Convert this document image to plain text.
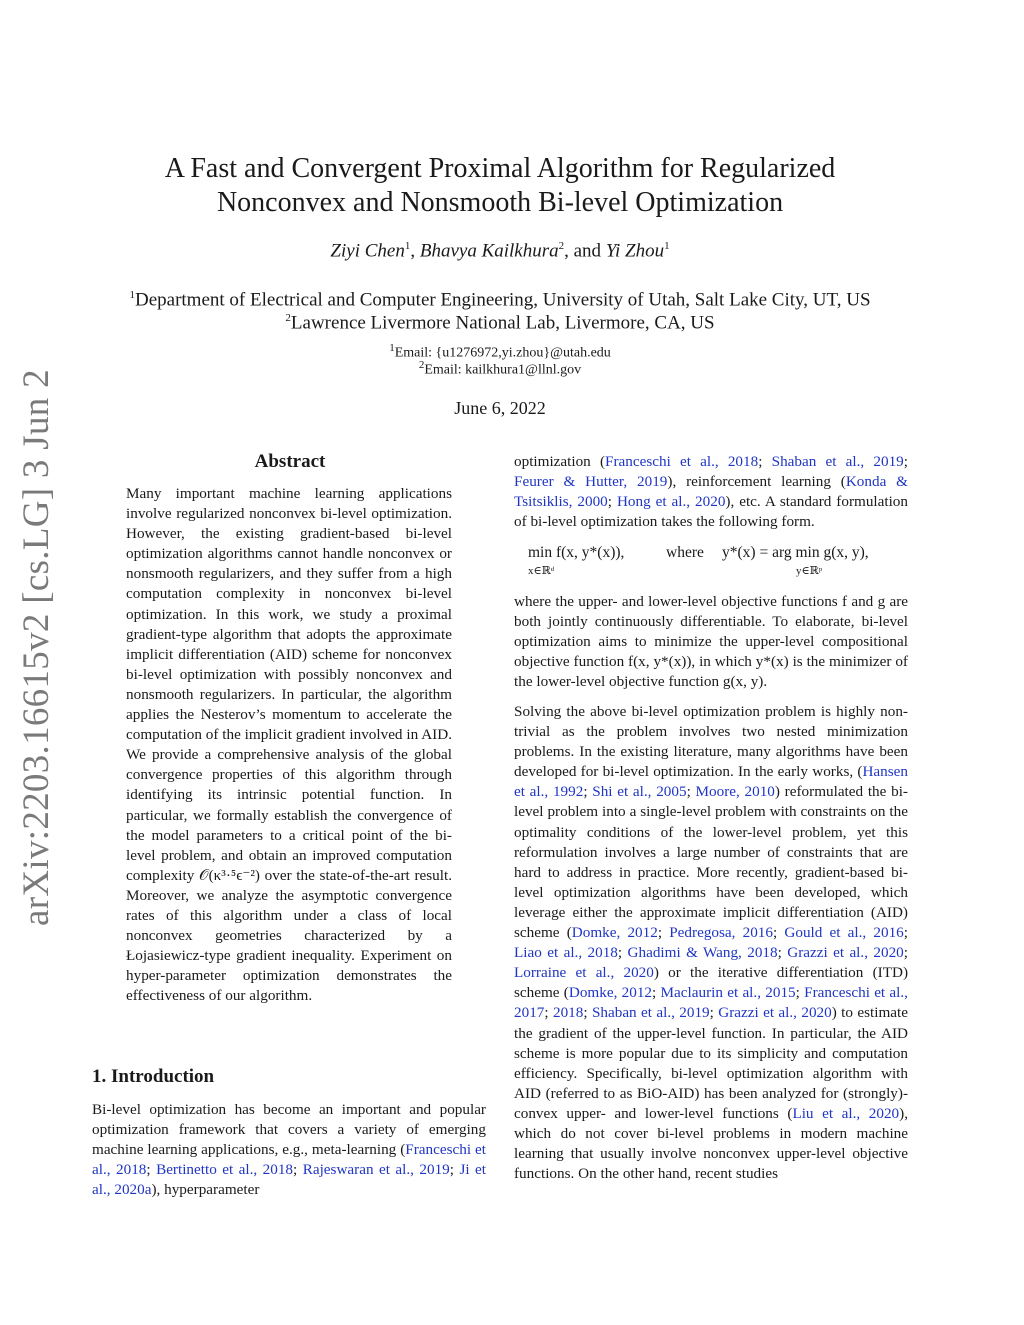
arXiv:2203.16615v2 [cs.LG] 3 Jun 2022
A Fast and Convergent Proximal Algorithm for Regularized
Nonconvex and Nonsmooth Bi-level Optimization
Ziyi Chen$^1$, Bhavya Kailkhura$^2$, and Yi Zhou$^1$
$^1$Department of Electrical and Computer Engineering, University of Utah, Salt Lake City, UT, US
$^2$Lawrence Livermore National Lab, Livermore, CA, US
$^1$Email: {u1276972,yi.zhou}@utah.edu
$^2$Email: kailkhura1@llnl.gov
June 6, 2022
Abstract
Many important machine learning applications involve regularized nonconvex bi-level optimization. However, the existing gradient-based bi-level optimization algorithms cannot handle nonconvex or nonsmooth regularizers, and they suffer from a high computation complexity in nonconvex bi-level optimization. In this work, we study a proximal gradient-type algorithm that adopts the approximate implicit differentiation (AID) scheme for nonconvex bi-level optimization with possibly nonconvex and nonsmooth regularizers. In particular, the algorithm applies the Nesterov’s momentum to accelerate the computation of the implicit gradient involved in AID. We provide a comprehensive analysis of the global convergence properties of this algorithm through identifying its intrinsic potential function. In particular, we formally establish the convergence of the model parameters to a critical point of the bi-level problem, and obtain an improved computation complexity 𝒪(κ³·⁵ϵ⁻²) over the state-of-the-art result. Moreover, we analyze the asymptotic convergence rates of this algorithm under a class of local nonconvex geometries characterized by a Łojasiewicz-type gradient inequality. Experiment on hyper-parameter optimization demonstrates the effectiveness of our algorithm.
1. Introduction
Bi-level optimization has become an important and popular optimization framework that covers a variety of emerging machine learning applications, e.g., meta-learning (Franceschi et al., 2018; Bertinetto et al., 2018; Rajeswaran et al., 2019; Ji et al., 2020a), hyperparameter
optimization (Franceschi et al., 2018; Shaban et al., 2019; Feurer & Hutter, 2019), reinforcement learning (Konda & Tsitsiklis, 2000; Hong et al., 2020), etc. A standard formulation of bi-level optimization takes the following form.
min f(x, y*(x)),
x∈ℝᵈ
where y*(x) = arg min g(x, y),
y∈ℝᵖ
where the upper- and lower-level objective functions f and g are both jointly continuously differentiable. To elaborate, bi-level optimization aims to minimize the upper-level compositional objective function f(x, y*(x)), in which y*(x) is the minimizer of the lower-level objective function g(x, y).
Solving the above bi-level optimization problem is highly non-trivial as the problem involves two nested minimization problems. In the existing literature, many algorithms have been developed for bi-level optimization. In the early works, (Hansen et al., 1992; Shi et al., 2005; Moore, 2010) reformulated the bi-level problem into a single-level problem with constraints on the optimality conditions of the lower-level problem, yet this reformulation involves a large number of constraints that are hard to address in practice. More recently, gradient-based bi-level optimization algorithms have been developed, which leverage either the approximate implicit differentiation (AID) scheme (Domke, 2012; Pedregosa, 2016; Gould et al., 2016; Liao et al., 2018; Ghadimi & Wang, 2018; Grazzi et al., 2020; Lorraine et al., 2020) or the iterative differentiation (ITD) scheme (Domke, 2012; Maclaurin et al., 2015; Franceschi et al., 2017; 2018; Shaban et al., 2019; Grazzi et al., 2020) to estimate the gradient of the upper-level function. In particular, the AID scheme is more popular due to its simplicity and computation efficiency. Specifically, bi-level optimization algorithm with AID (referred to as BiO-AID) has been analyzed for (strongly)-convex upper- and lower-level functions (Liu et al., 2020), which do not cover bi-level problems in modern machine learning that usually involve nonconvex upper-level objective functions. On the other hand, recent studies
